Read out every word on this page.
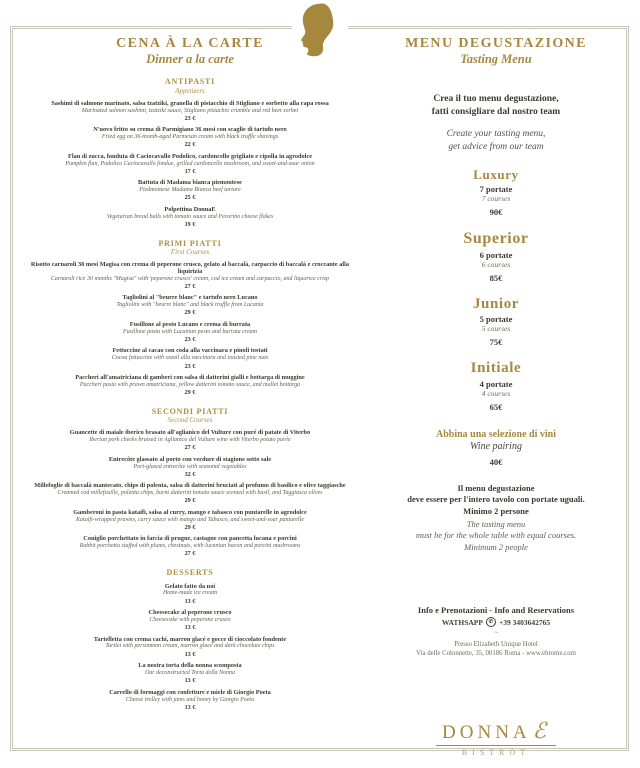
CENA À LA CARTE
Dinner a la carte
ANTIPASTI
Appetizers
Sashimi di salmone marinato, salsa tzatziki, granella di pistacchio di Stigliano e sorbetto alla rapa rossa
Marinated salmon sashimi, tzatziki sauce, Stigliano pistachio crumble and red beet sorbet
23 €
N'uovo fritto su crema di Parmigiano 36 mesi con scaglie di tartufo nero
Fried egg on 36-month-aged Parmesan cream with black truffle shavings
22 €
Flan di zucca, fonduta di Caciocavallo Podolico, cardoncello grigliato e cipolla in agrodolce
Pumpkin flan, Podolico Caciocavallo fondue, grilled cardoncello mushroom, and sweet-and-sour onion
17 €
Battuta di Madama bianca piemontese
Piedmontese Madama Bianca beef tartare
25 €
Polpettina DonnaE
Vegetarian bread balls with tomato sauce and Pecorino cheese flakes
19 €
PRIMI PIATTI
First Courses
Risotto carnaroli 30 mesi Magisa con crema di peperone crusco, gelato al baccalà, carpaccio di baccalà e croccante alla liquirizia
Carnaroli rice 30 months "Magisa" with 'peperone crusco' cream, cod ice cream and carpaccio, and liquorice crisp
27 €
Tagliolini al "beurre blanc" e tartufo nero Lucano
Tagliolini with "beurre blanc" and black truffle from Lucania
29 €
Fusillone al pesto Lucano e crema di burrata
Fusillone pasta with Lucanian pesto and burrata cream
23 €
Fettuccine al cacao con coda alla vaccinara e pinoli tostati
Cocoa fettuccine with oxtail alla vaccinara and toasted pine nuts
23 €
Paccheri all'amatriciana di gamberi con salsa di datterini gialli e bottarga di muggine
Paccheri pasta with prawn amatriciana, yellow datterini tomato sauce, and mullet bottarga
29 €
SECONDI PIATTI
Second Courses
Guancette di maiale iberico brasato all'aglianico del Vulture con puré di patate di Viterbo
Iberian pork cheeks braised in Aglianico del Vulture wine with Viterbo potato purée
27 €
Entrecôte glassato al porto con verdure di stagione sotto sale
Port-glazed entrecôte with seasonal vegetables
32 €
Millefoglie di baccalà mantecato, chips di polenta, salsa di datterini bruciati al profumo di basilico e olive taggiasche
Creamed cod millefeuille, polenta chips, burnt datterini tomato sauce scented with basil, and Taggiasca olives
29 €
Gamberoni in pasta kataifi, salsa al curry, mango e tabasco con puntarelle in agrodolce
Kataifi-wrapped prawns, curry sauce with mango and Tabasco, and sweet-and-sour puntarelle
29 €
Coniglio porchettato in farcia di prugne, castagne con pancetta lucana e porcini
Rabbit porchetta stuffed with plums, chestnuts, with lucanian bacon and porcini mushrooms
27 €
DESSERTS
Gelato fatto da noi
Home-made ice cream
13 €
Cheesecake al peperone crusco
Cheesecake with peperone crusco
13 €
Tartelletta con crema cachi, marron glacé e gocce di cioccolato fondente
Tartlet with persimmon cream, marron glacé and dark chocolate chips
13 €
La nostra torta della nonna scomposta
Our deconstructed Torta della Nonna
13 €
Carrello di formaggi con confetture e miele di Giorgio Poeta
Cheese trolley with jams and honey by Giorgio Poeta
13 €
MENU DEGUSTAZIONE
Tasting Menu
Crea il tuo menu degustazione,
fatti consigliare dal nostro team
Create your tasting menu,
get advice from our team
Luxury
7 portate
7 courses
90€
Superior
6 portate
6 courses
85€
Junior
5 portate
5 courses
75€
Initiale
4 portate
4 courses
65€
Abbina una selezione di vini
Wine pairing
40€
Il menu degustazione
deve essere per l'intero tavolo con portate uguali.
Minimo 2 persone
The tasting menu
must be for the whole table with equal courses.
Minimum 2 people
Info e Prenotazioni - Info and Reservations
WATHSAPP	✆ +39 3403642765
~
Presso Elizabeth Unique Hotel
Via delle Colonnette, 35, 00186 Roma - www.ehrome.com
DONNAℰ
BISTROT
